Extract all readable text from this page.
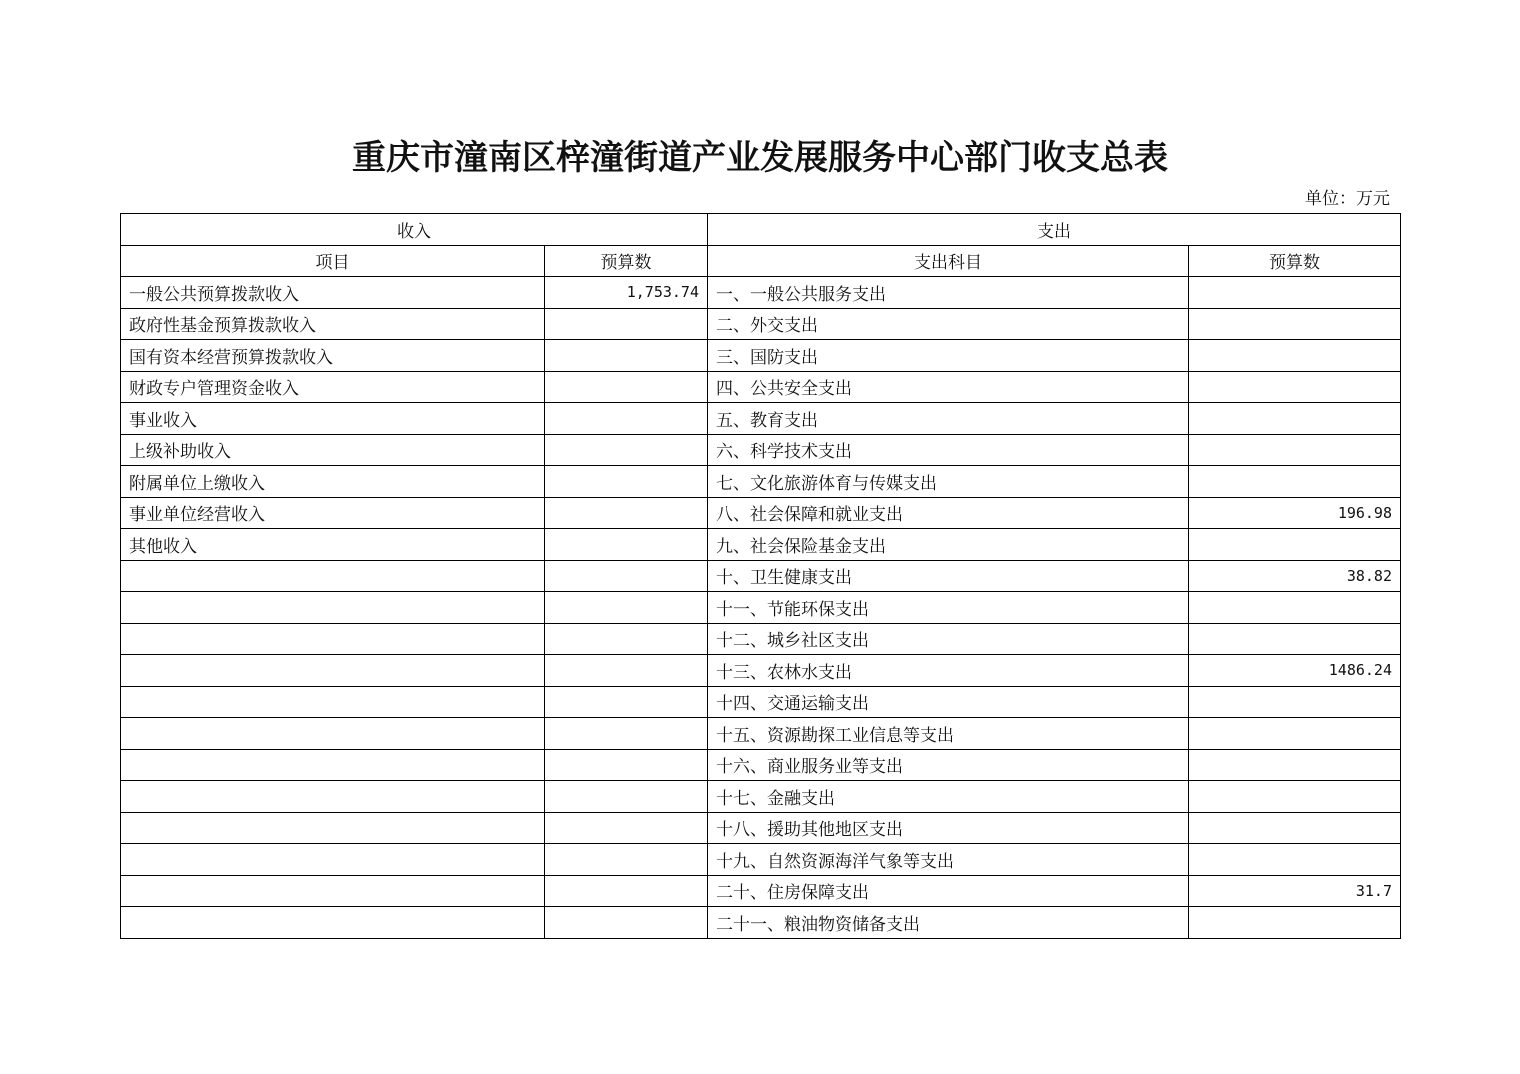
重庆市潼南区梓潼街道产业发展服务中心部门收支总表
单位：万元
收入		支出	
项目	预算数	支出科目	预算数
一般公共预算拨款收入	1,753.74	一、一般公共服务支出	
政府性基金预算拨款收入		二、外交支出	
国有资本经营预算拨款收入		三、国防支出	
财政专户管理资金收入		四、公共安全支出	
事业收入		五、教育支出	
上级补助收入		六、科学技术支出	
附属单位上缴收入		七、文化旅游体育与传媒支出	
事业单位经营收入		八、社会保障和就业支出	196.98
其他收入		九、社会保险基金支出	
		十、卫生健康支出	38.82
		十一、节能环保支出	
		十二、城乡社区支出	
		十三、农林水支出	1486.24
		十四、交通运输支出	
		十五、资源勘探工业信息等支出	
		十六、商业服务业等支出	
		十七、金融支出	
		十八、援助其他地区支出	
		十九、自然资源海洋气象等支出	
		二十、住房保障支出	31.7
		二十一、粮油物资储备支出	
